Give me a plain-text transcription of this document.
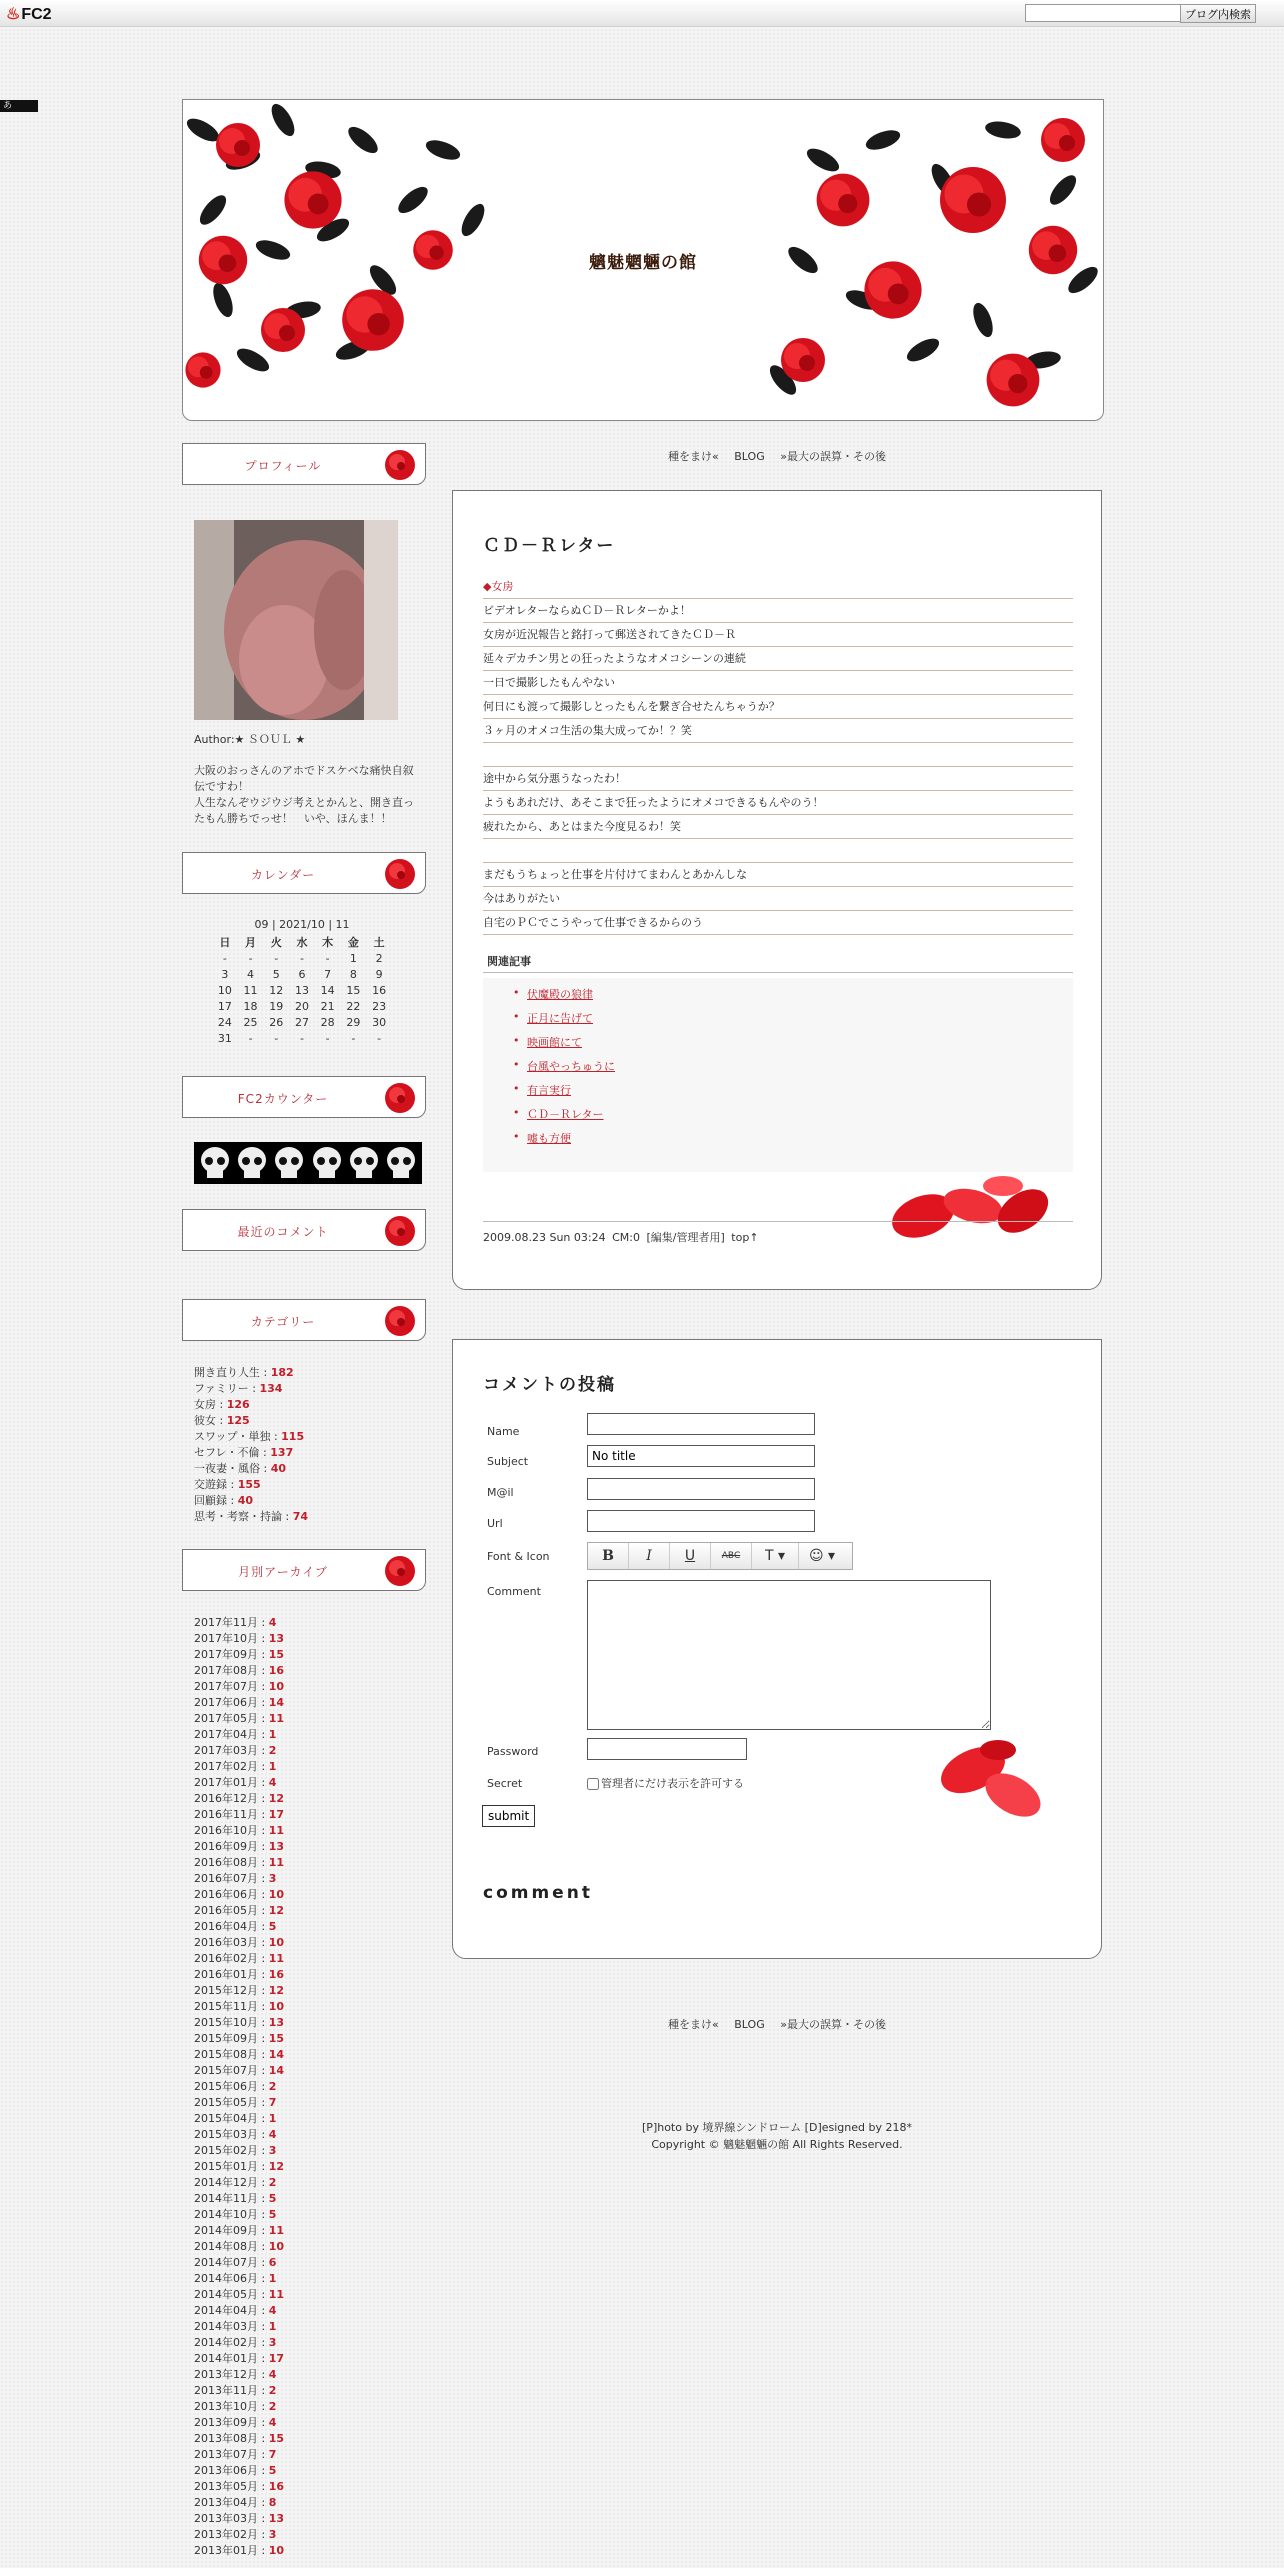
♨FC2	ブログ内検索
あ
魑魅魍魎の館
プロフィール
Author:★ ＳＯＵＬ ★
大阪のおっさんのアホでドスケベな痛快自叙
伝ですわ！
人生なんぞウジウジ考えとかんと、開き直っ
たもん勝ちでっせ！　いや、ほんま！！
カレンダー
09 | 2021/10 | 11
日	月	火	水	木	金	土
-	-	-	-	-	1	2
3	4	5	6	7	8	9
10	11	12	13	14	15	16
17	18	19	20	21	22	23
24	25	26	27	28	29	30
31	-	-	-	-	-	-
FC2カウンター
最近のコメント
カテゴリー
開き直り人生 : 182
ファミリー : 134
女房 : 126
彼女 : 125
スワップ・単独 : 115
セフレ・不倫 : 137
一夜妻・風俗 : 40
交遊録 : 155
回顧録 : 40
思考・考察・持論 : 74
月別アーカイブ
2017年11月 : 4
2017年10月 : 13
2017年09月 : 15
2017年08月 : 16
2017年07月 : 10
2017年06月 : 14
2017年05月 : 11
2017年04月 : 1
2017年03月 : 2
2017年02月 : 1
2017年01月 : 4
2016年12月 : 12
2016年11月 : 17
2016年10月 : 11
2016年09月 : 13
2016年08月 : 11
2016年07月 : 3
2016年06月 : 10
2016年05月 : 12
2016年04月 : 5
2016年03月 : 10
2016年02月 : 11
2016年01月 : 16
2015年12月 : 12
2015年11月 : 10
2015年10月 : 13
2015年09月 : 15
2015年08月 : 14
2015年07月 : 14
2015年06月 : 2
2015年05月 : 7
2015年04月 : 1
2015年03月 : 4
2015年02月 : 3
2015年01月 : 12
2014年12月 : 2
2014年11月 : 5
2014年10月 : 5
2014年09月 : 11
2014年08月 : 10
2014年07月 : 6
2014年06月 : 1
2014年05月 : 11
2014年04月 : 4
2014年03月 : 1
2014年02月 : 3
2014年01月 : 17
2013年12月 : 4
2013年11月 : 2
2013年10月 : 2
2013年09月 : 4
2013年08月 : 15
2013年07月 : 7
2013年06月 : 5
2013年05月 : 16
2013年04月 : 8
2013年03月 : 13
2013年02月 : 3
2013年01月 : 10
種をまけ« BLOG »最大の誤算・その後
ＣＤ－Ｒレター
◆女房
ビデオレターならぬＣＤ－Ｒレターかよ！
女房が近況報告と銘打って郵送されてきたＣＤ－Ｒ
延々デカチン男との狂ったようなオメコシーンの連続
一日で撮影したもんやない
何日にも渡って撮影しとったもんを繋ぎ合せたんちゃうか？
３ヶ月のオメコ生活の集大成ってか！？笑
途中から気分悪うなったわ！
ようもあれだけ、あそこまで狂ったようにオメコできるもんやのう！
疲れたから、あとはまた今度見るわ！笑
まだもうちょっと仕事を片付けてまわんとあかんしな
今はありがたい
自宅のＰＣでこうやって仕事できるからのう
関連記事
• 伏魔殿の狼律
• 正月に告げて
• 映画館にて
• 台風やっちゅうに
• 有言実行
• ＣＤ－Ｒレター
• 嘘も方便
2009.08.23 Sun 03:24 CM:0 [編集/管理者用] top↑
コメントの投稿
Name
Subject
No title
M@il
Url
Font & Icon	B	I	U	ABC	T ▾	☺ ▾
Comment
Password
Secret	管理者にだけ表示を許可する
submit
comment
種をまけ« BLOG »最大の誤算・その後
[P]hoto by 境界線シンドローム [D]esigned by 218*
Copyright © 魑魅魍魎の館 All Rights Reserved.
